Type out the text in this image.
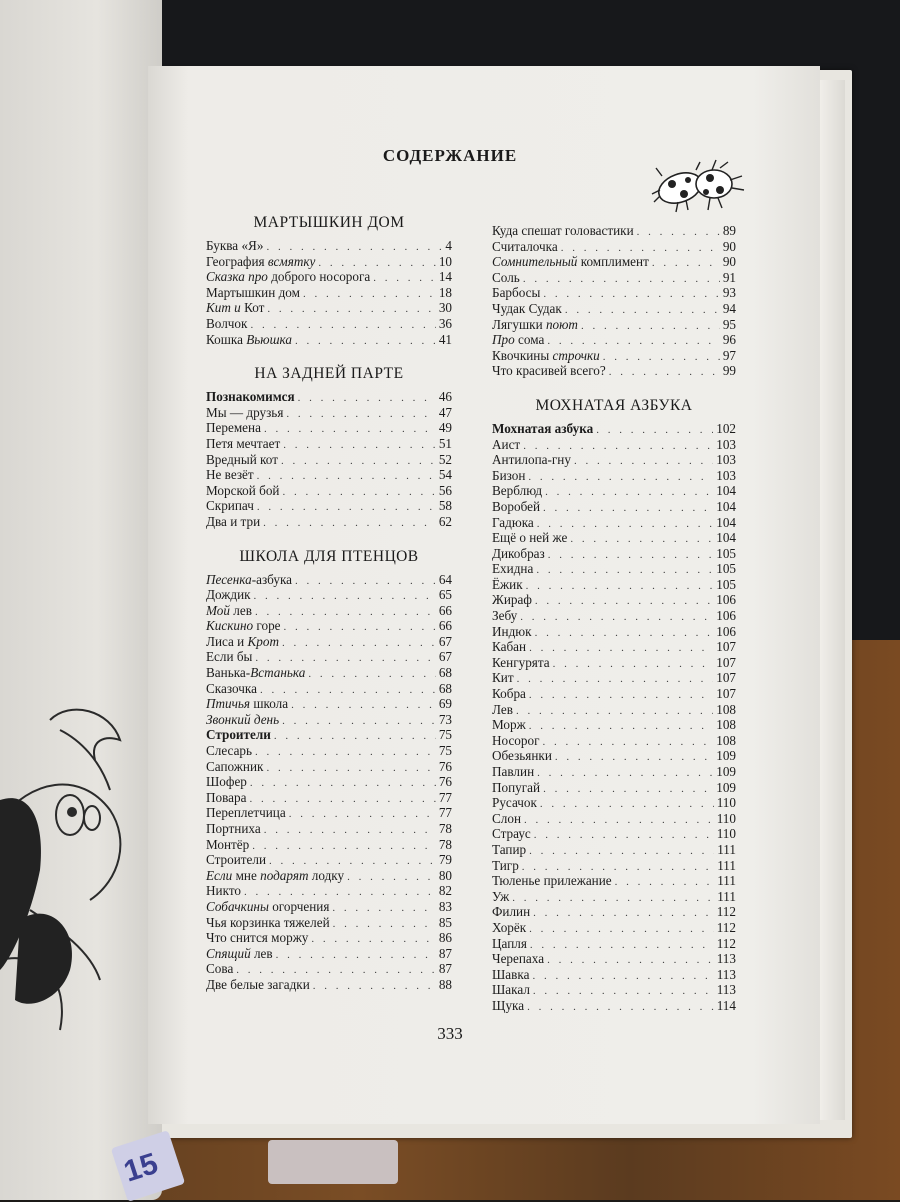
СОДЕРЖАНИЕ
МАРТЫШКИН ДОМ
Буква «Я» . . .	4
География всмятку . . .	10
Сказка про доброго носорога . . .	14
Мартышкин дом . . .	18
Кит и Кот . . .	30
Волчок . . .	36
Кошка Вьюшка . . .	41
НА ЗАДНЕЙ ПАРТЕ
Познакомимся . . .	46
Мы — друзья . . .	47
Перемена . . .	49
Петя мечтает . . .	51
Вредный кот . . .	52
Не везёт . . .	54
Морской бой . . .	56
Скрипач . . .	58
Два и три . . .	62
ШКОЛА ДЛЯ ПТЕНЦОВ
Песенка-азбука . . .	64
Дождик . . .	65
Мой лев . . .	66
Кискино горе . . .	66
Лиса и Крот . . .	67
Если бы . . .	67
Ванька-Встанька . . .	68
Сказочка . . .	68
Птичья школа . . .	69
Звонкий день . . .	73
Строители . . .	75
Слесарь . . .	75
Сапожник . . .	76
Шофер . . .	76
Повара . . .	77
Переплетчица . . .	77
Портниха . . .	78
Монтёр . . .	78
Строители . . .	79
Если мне подарят лодку . . .	80
Никто . . .	82
Собачкины огорчения . . .	83
Чья корзинка тяжелей . . .	85
Что снится моржу . . .	86
Спящий лев . . .	87
Сова . . .	87
Две белые загадки . . .	88
Куда спешат головастики . . .	89
Считалочка . . .	90
Сомнительный комплимент . . .	90
Соль . . .	91
Барбосы . . .	93
Чудак Судак . . .	94
Лягушки поют . . .	95
Про сома . . .	96
Квочкины строчки . . .	97
Что красивей всего? . . .	99
МОХНАТАЯ АЗБУКА
Мохнатая азбука . . .	102
Аист . . .	103
Антилопа-гну . . .	103
Бизон . . .	103
Верблюд . . .	104
Воробей . . .	104
Гадюка . . .	104
Ещё о ней же . . .	104
Дикобраз . . .	105
Ехидна . . .	105
Ёжик . . .	105
Жираф . . .	106
Зебу . . .	106
Индюк . . .	106
Кабан . . .	107
Кенгурята . . .	107
Кит . . .	107
Кобра . . .	107
Лев . . .	108
Морж . . .	108
Носорог . . .	108
Обезьянки . . .	109
Павлин . . .	109
Попугай . . .	109
Русачок . . .	110
Слон . . .	110
Страус . . .	110
Тапир . . .	111
Тигр . . .	111
Тюленье прилежание . . .	111
Уж . . .	111
Филин . . .	112
Хорёк . . .	112
Цапля . . .	112
Черепаха . . .	113
Шавка . . .	113
Шакал . . .	113
Щука . . .	114
333
15
